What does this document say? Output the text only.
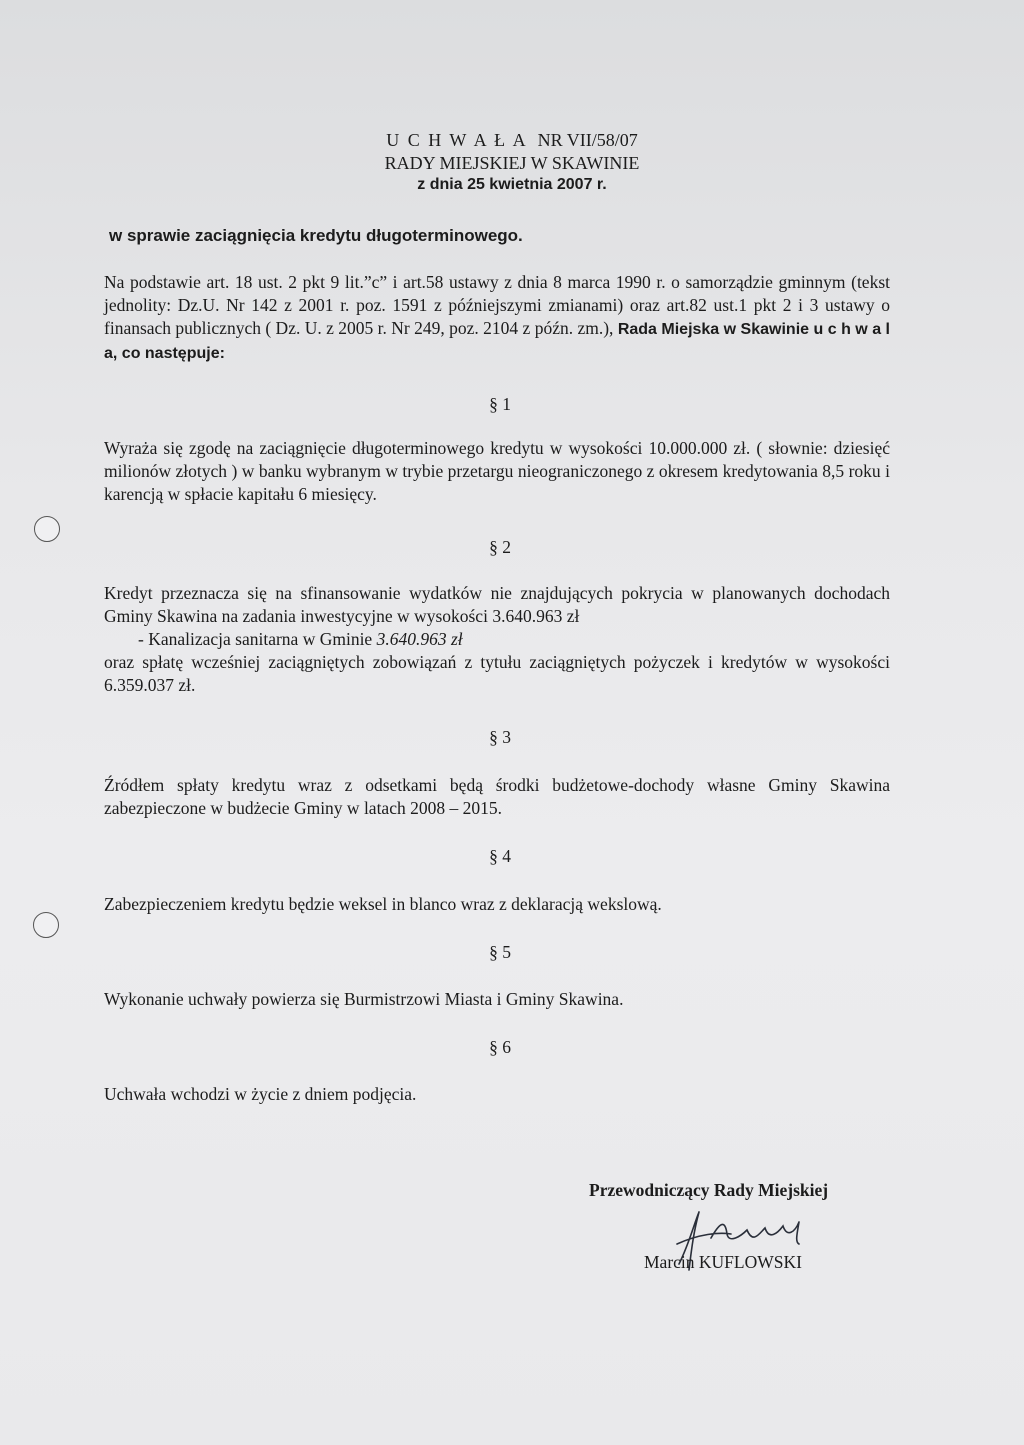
U C H W A Ł A NR VII/58/07
RADY MIEJSKIEJ W SKAWINIE
z dnia 25 kwietnia 2007 r.
w sprawie zaciągnięcia kredytu długoterminowego.
Na podstawie art. 18 ust. 2 pkt 9 lit.”c” i art.58 ustawy z dnia 8 marca 1990 r. o samorządzie gminnym (tekst jednolity: Dz.U. Nr 142 z 2001 r. poz. 1591 z późniejszymi zmianami) oraz art.82 ust.1 pkt 2 i 3 ustawy o finansach publicznych ( Dz. U. z 2005 r. Nr 249, poz. 2104 z późn. zm.), Rada Miejska w Skawinie u c h w a l a, co następuje:
§ 1
Wyraża się zgodę na zaciągnięcie długoterminowego kredytu w wysokości 10.000.000 zł. ( słownie: dziesięć milionów złotych ) w banku wybranym w trybie przetargu nieograniczonego z okresem kredytowania 8,5 roku i karencją w spłacie kapitału 6 miesięcy.
§ 2
Kredyt przeznacza się na sfinansowanie wydatków nie znajdujących pokrycia w planowanych dochodach Gminy Skawina na zadania inwestycyjne w wysokości 3.640.963 zł
- Kanalizacja sanitarna w Gminie 3.640.963 zł
oraz spłatę wcześniej zaciągniętych zobowiązań z tytułu zaciągniętych pożyczek i kredytów w wysokości 6.359.037 zł.
§ 3
Źródłem spłaty kredytu wraz z odsetkami będą środki budżetowe-dochody własne Gminy Skawina zabezpieczone w budżecie Gminy w latach 2008 – 2015.
§ 4
Zabezpieczeniem kredytu będzie weksel in blanco wraz z deklaracją wekslową.
§ 5
Wykonanie uchwały powierza się Burmistrzowi Miasta i Gminy Skawina.
§ 6
Uchwała wchodzi w życie z dniem podjęcia.
Przewodniczący Rady Miejskiej
Marcin KUFLOWSKI
